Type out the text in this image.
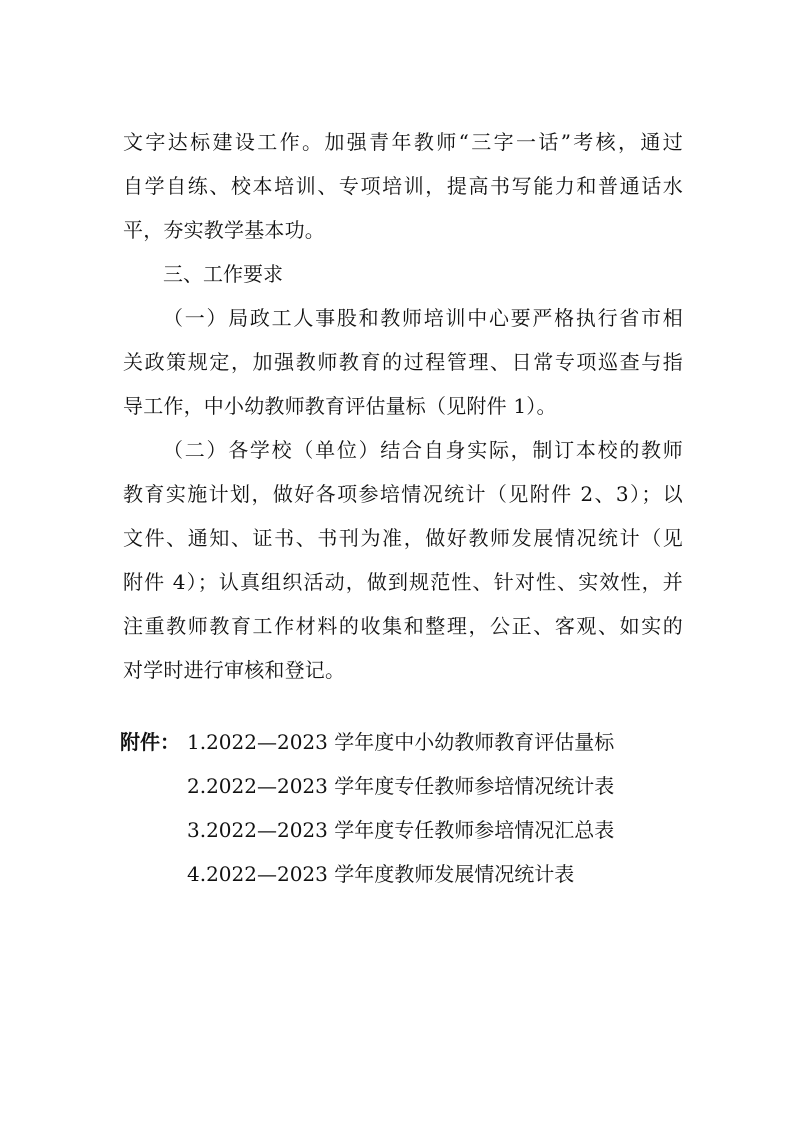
文字达标建设工作。加强青年教师“三字一话”考核，通过
自学自练、校本培训、专项培训，提高书写能力和普通话水
平，夯实教学基本功。
三、工作要求
（一）局政工人事股和教师培训中心要严格执行省市相
关政策规定，加强教师教育的过程管理、日常专项巡查与指
导工作，中小幼教师教育评估量标（见附件 1）。
（二）各学校（单位）结合自身实际，制订本校的教师
教育实施计划，做好各项参培情况统计（见附件 2、3）；以
文件、通知、证书、书刊为准，做好教师发展情况统计（见
附件 4）；认真组织活动，做到规范性、针对性、实效性，并
注重教师教育工作材料的收集和整理，公正、客观、如实的
对学时进行审核和登记。
附件： 1.2022—2023 学年度中小幼教师教育评估量标
2.2022—2023 学年度专任教师参培情况统计表
3.2022—2023 学年度专任教师参培情况汇总表
4.2022—2023 学年度教师发展情况统计表
